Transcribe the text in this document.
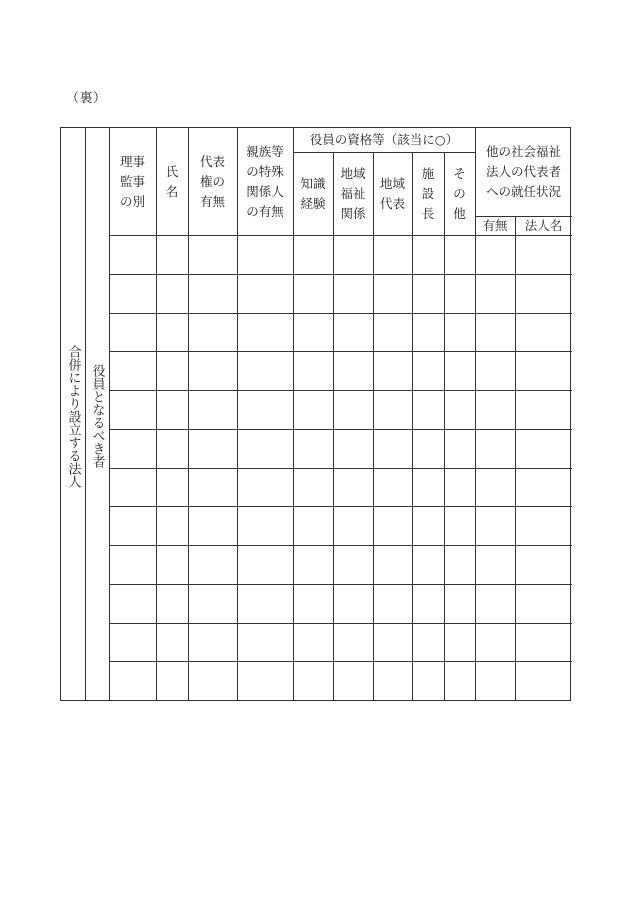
（裏）
合併により設立する法人 役員となるべき者
理事
監事
の別
氏
名
代表
権の
有無
親族等
の特殊
関係人
の有無
役員の資格等（該当に○）
知識
経験
地域
福祉
関係
地域
代表
施
設
長
そ
の
他
他の社会福祉
法人の代表者
への就任状況
有無	法人名
